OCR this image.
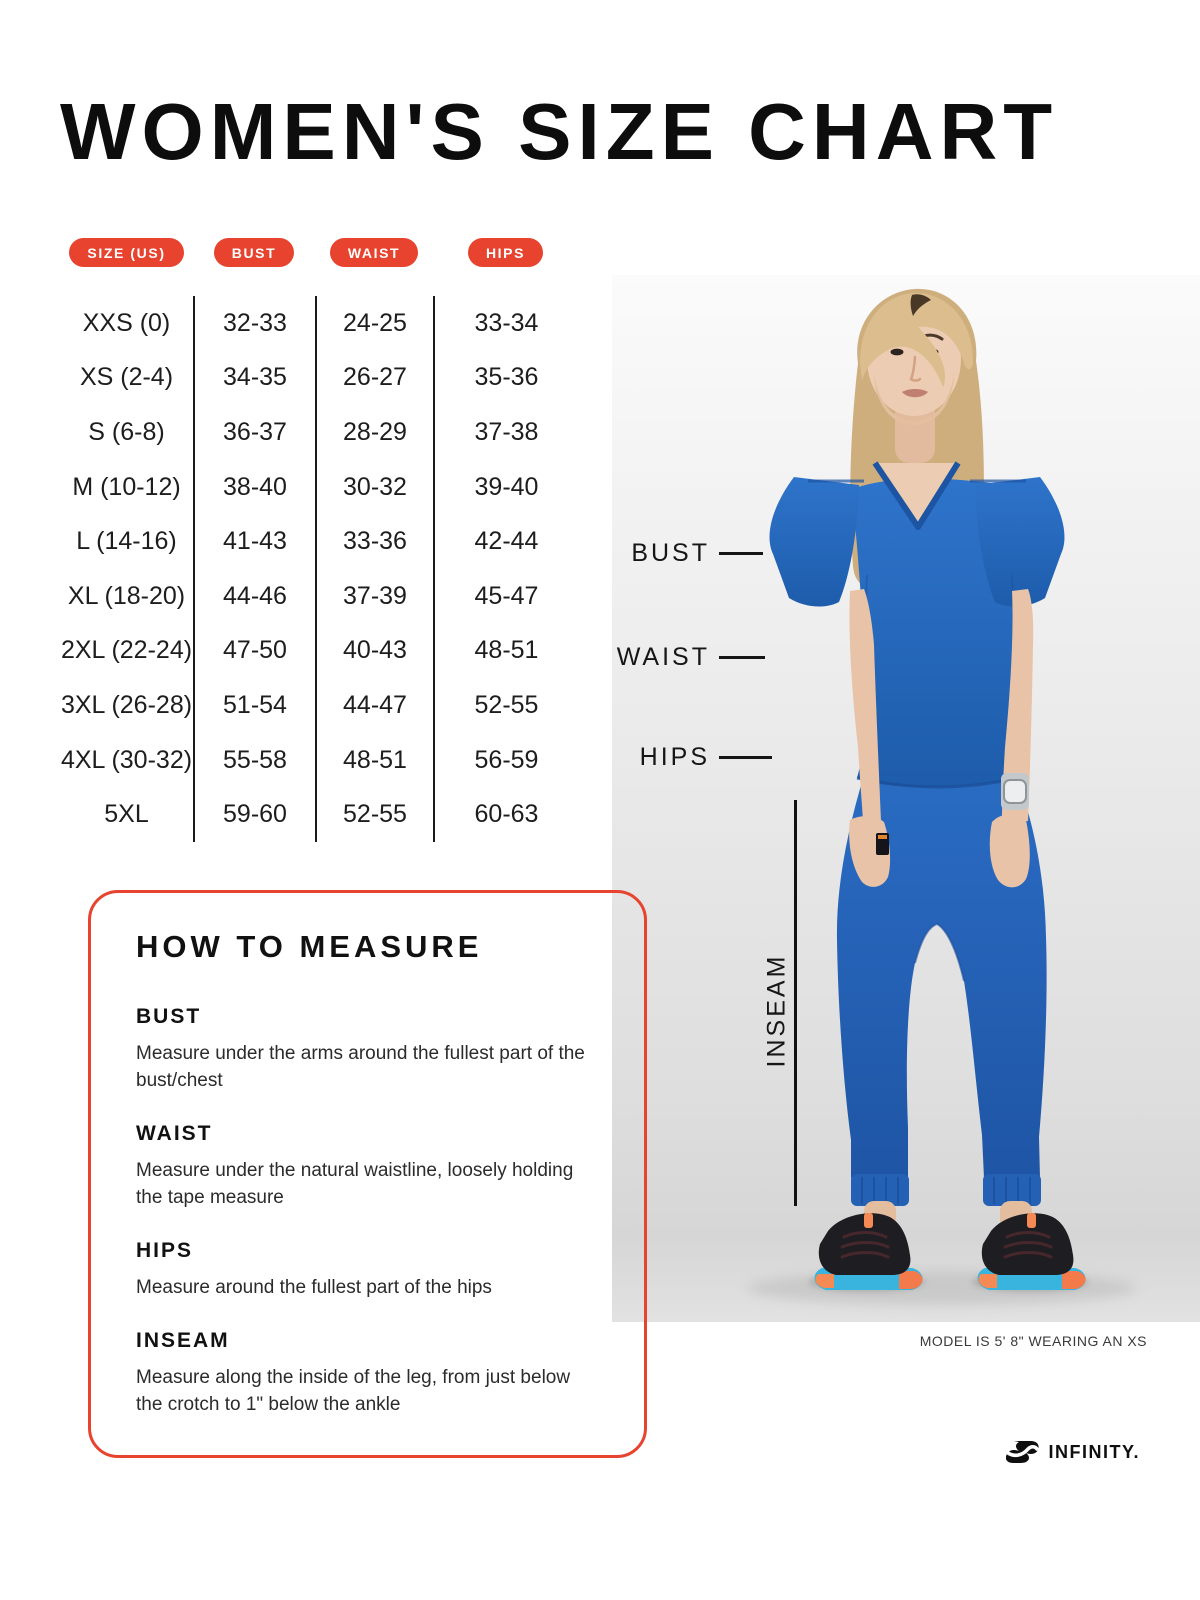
WOMEN'S SIZE CHART
SIZE (US)	BUST	WAIST	HIPS
XXS (0)	32-33	24-25	33-34
XS (2-4)	34-35	26-27	35-36
S (6-8)	36-37	28-29	37-38
M (10-12)	38-40	30-32	39-40
L (14-16)	41-43	33-36	42-44
XL (18-20)	44-46	37-39	45-47
2XL (22-24)	47-50	40-43	48-51
3XL (26-28)	51-54	44-47	52-55
4XL (30-32)	55-58	48-51	56-59
5XL	59-60	52-55	60-63
BUST
WAIST
HIPS
INSEAM
HOW TO MEASURE
BUST

Measure under the arms around the fullest part of the bust/chest

WAIST

Measure under the natural waistline, loosely holding the tape measure

HIPS

Measure around the fullest part of the hips

INSEAM

Measure along the inside of the leg, from just below the crotch to 1" below the ankle

MODEL IS 5' 8" WEARING AN XS
INFINITY.
